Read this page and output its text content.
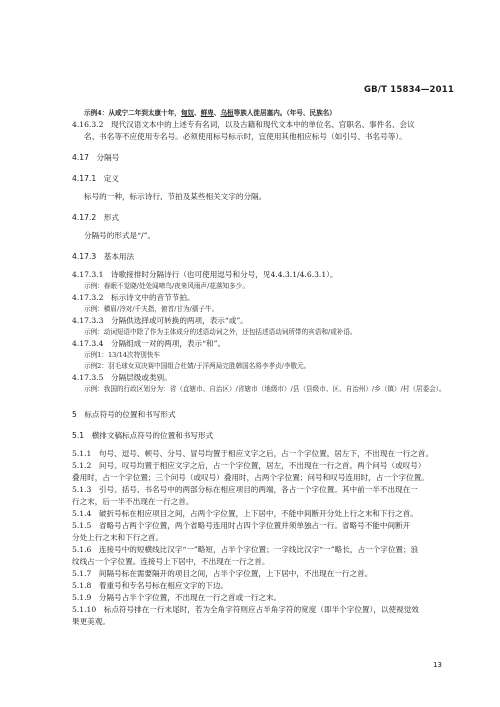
GB/T 15834—2011
示例4：从咸宁二年到太康十年，匈奴、鲜卑、乌桓等族人徙居塞内。（年号、民族名）
4.16.3.2　现代汉语文本中的上述专有名词，以及古籍和现代文本中的单位名、官职名、事件名、会议
名、书名等不应使用专名号。必须使用标号标示时，宜使用其他相应标号（如引号、书名号等）。
4.17　分隔号
4.17.1　定义
标号的一种，标示诗行、节拍及某些相关文字的分隔。
4.17.2　形式
分隔号的形式是“/”。
4.17.3　基本用法
4.17.3.1　诗歌接排时分隔诗行（也可使用逗号和分号，见4.4.3.1/4.6.3.1）。
示例：春眠不觉晓/处处闻啼鸟/夜来风雨声/花落知多少。
4.17.3.2　标示诗文中的音节节拍。
示例：横眉/冷对/千夫指，俯首/甘为/孺子牛。
4.17.3.3　分隔供选择或可转换的两项，表示“或”。
示例：动词短语中除了作为主体成分的述语动词之外，还包括述语动词所带的宾语和/或补语。
4.17.3.4　分隔组成一对的两项，表示“和”。
示例1：13/14次特别快车
示例2：羽毛球女双决赛中国组合杜婧/于洋两局完胜韩国名将李孝贞/李敬元。
4.17.3.5　分隔层级或类别。
示例：我国的行政区划分为：省（直辖市、自治区）/省辖市（地级市）/县（县级市、区、自治州）/乡（镇）/村（居委会）。
5　标点符号的位置和书写形式
5.1　横排文稿标点符号的位置和书写形式
5.1.1　句号、逗号、顿号、分号、冒号均置于相应文字之后，占一个字位置，居左下，不出现在一行之首。
5.1.2　问号、叹号均置于相应文字之后，占一个字位置，居左，不出现在一行之首。两个问号（或叹号）
叠用时，占一个字位置；三个问号（或叹号）叠用时，占两个字位置；问号和叹号连用时，占一个字位置。
5.1.3　引号、括号、书名号中的两部分标在相应项目的两端，各占一个字位置。其中前一半不出现在一
行之末，后一半不出现在一行之首。
5.1.4　破折号标在相应项目之间，占两个字位置，上下居中，不能中间断开分处上行之末和下行之首。
5.1.5　省略号占两个字位置，两个省略号连用时占四个字位置并须单独占一行。省略号不能中间断开
分处上行之末和下行之首。
5.1.6　连接号中的短横线比汉字“一”略短，占半个字位置；一字线比汉字“一”略长，占一个字位置；浪
纹线占一个字位置。连接号上下居中，不出现在一行之首。
5.1.7　间隔号标在需要隔开的项目之间，占半个字位置，上下居中，不出现在一行之首。
5.1.8　着重号和专名号标在相应文字的下边。
5.1.9　分隔号占半个字位置，不出现在一行之首或一行之末。
5.1.10　标点符号排在一行末尾时，若为全角字符则应占半角字符的宽度（即半个字位置），以使视觉效
果更美观。
13
